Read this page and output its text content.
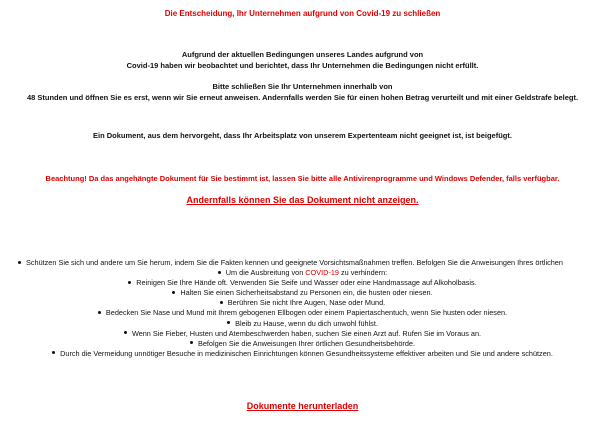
Die Entscheidung, Ihr Unternehmen aufgrund von Covid-19 zu schließen
Aufgrund der aktuellen Bedingungen unseres Landes aufgrund von
Covid-19 haben wir beobachtet und berichtet, dass Ihr Unternehmen die Bedingungen nicht erfüllt.
Bitte schließen Sie Ihr Unternehmen innerhalb von
48 Stunden und öffnen Sie es erst, wenn wir Sie erneut anweisen. Andernfalls werden Sie für einen hohen Betrag verurteilt und mit einer Geldstrafe belegt.
Ein Dokument, aus dem hervorgeht, dass Ihr Arbeitsplatz von unserem Expertenteam nicht geeignet ist, ist beigefügt.
Beachtung! Da das angehängte Dokument für Sie bestimmt ist, lassen Sie bitte alle Antivirenprogramme und Windows Defender, falls verfügbar.
Andernfalls können Sie das Dokument nicht anzeigen.
Schützen Sie sich und andere um Sie herum, indem Sie die Fakten kennen und geeignete Vorsichtsmaßnahmen treffen. Befolgen Sie die Anweisungen Ihres örtlichen
Um die Ausbreitung von COVID-19 zu verhindern:
Reinigen Sie Ihre Hände oft. Verwenden Sie Seife und Wasser oder eine Handmassage auf Alkoholbasis.
Halten Sie einen Sicherheitsabstand zu Personen ein, die husten oder niesen.
Berühren Sie nicht Ihre Augen, Nase oder Mund.
Bedecken Sie Nase und Mund mit Ihrem gebogenen Ellbogen oder einem Papiertaschentuch, wenn Sie husten oder niesen.
Bleib zu Hause, wenn du dich unwohl fühlst.
Wenn Sie Fieber, Husten und Atembeschwerden haben, suchen Sie einen Arzt auf. Rufen Sie im Voraus an.
Befolgen Sie die Anweisungen Ihrer örtlichen Gesundheitsbehörde.
Durch die Vermeidung unnötiger Besuche in medizinischen Einrichtungen können Gesundheitssysteme effektiver arbeiten und Sie und andere schützen.
Dokumente herunterladen
